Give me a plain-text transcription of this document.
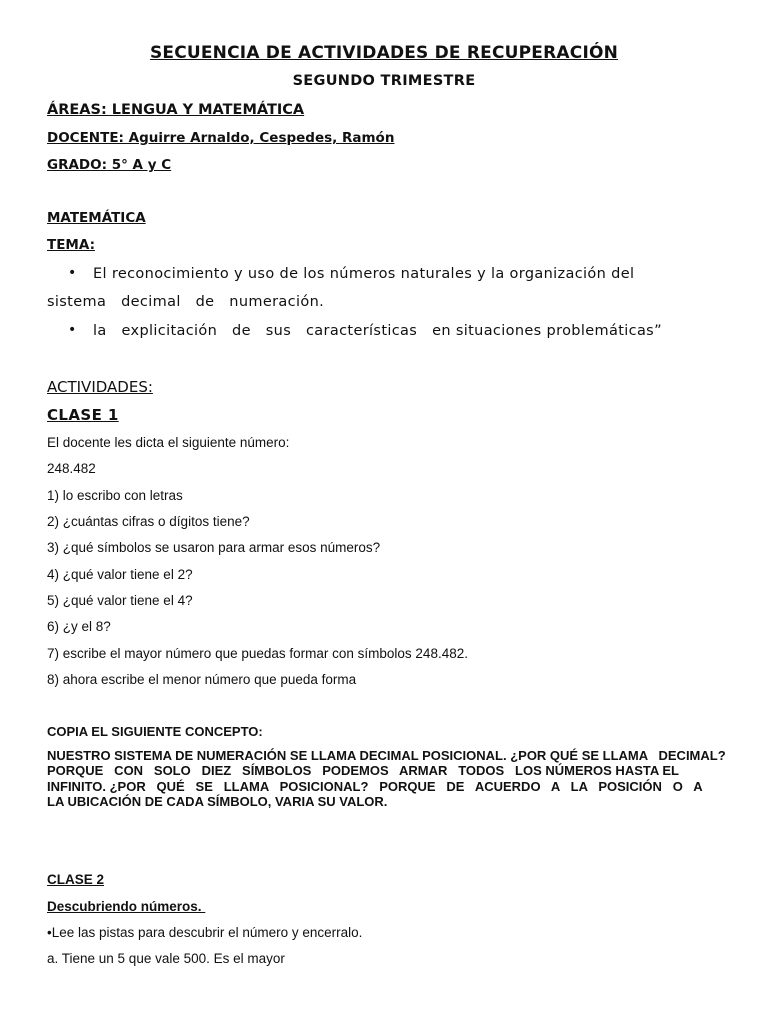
SECUENCIA DE ACTIVIDADES DE RECUPERACIÓN
SEGUNDO TRIMESTRE
ÁREAS: LENGUA Y MATEMÁTICA
DOCENTE: Aguirre Arnaldo, Cespedes, Ramón
GRADO: 5° A y C
MATEMÁTICA
TEMA:
• El reconocimiento y uso de los números naturales y la organización del
sistema   decimal   de   numeración.
• la   explicitación   de   sus   características   en situaciones problemáticas”
ACTIVIDADES:
CLASE 1
El docente les dicta el siguiente número:
248.482
1) lo escribo con letras
2) ¿cuántas cifras o dígitos tiene?
3) ¿qué símbolos se usaron para armar esos números?
4) ¿qué valor tiene el 2?
5) ¿qué valor tiene el 4?
6) ¿y el 8?
7) escribe el mayor número que puedas formar con símbolos 248.482.
8) ahora escribe el menor número que pueda forma
COPIA EL SIGUIENTE CONCEPTO:
NUESTRO SISTEMA DE NUMERACIÓN SE LLAMA DECIMAL POSICIONAL. ¿POR QUÉ SE LLAMA   DECIMAL?
PORQUE   CON   SOLO   DIEZ   SÍMBOLOS   PODEMOS   ARMAR   TODOS   LOS NÚMEROS HASTA EL
INFINITO. ¿POR   QUÉ   SE   LLAMA   POSICIONAL?   PORQUE   DE   ACUERDO   A   LA   POSICIÓN   O   A
LA UBICACIÓN DE CADA SÍMBOLO, VARIA SU VALOR.
CLASE 2
Descubriendo números.
•Lee las pistas para descubrir el número y encerralo.
a. Tiene un 5 que vale 500. Es el mayor
